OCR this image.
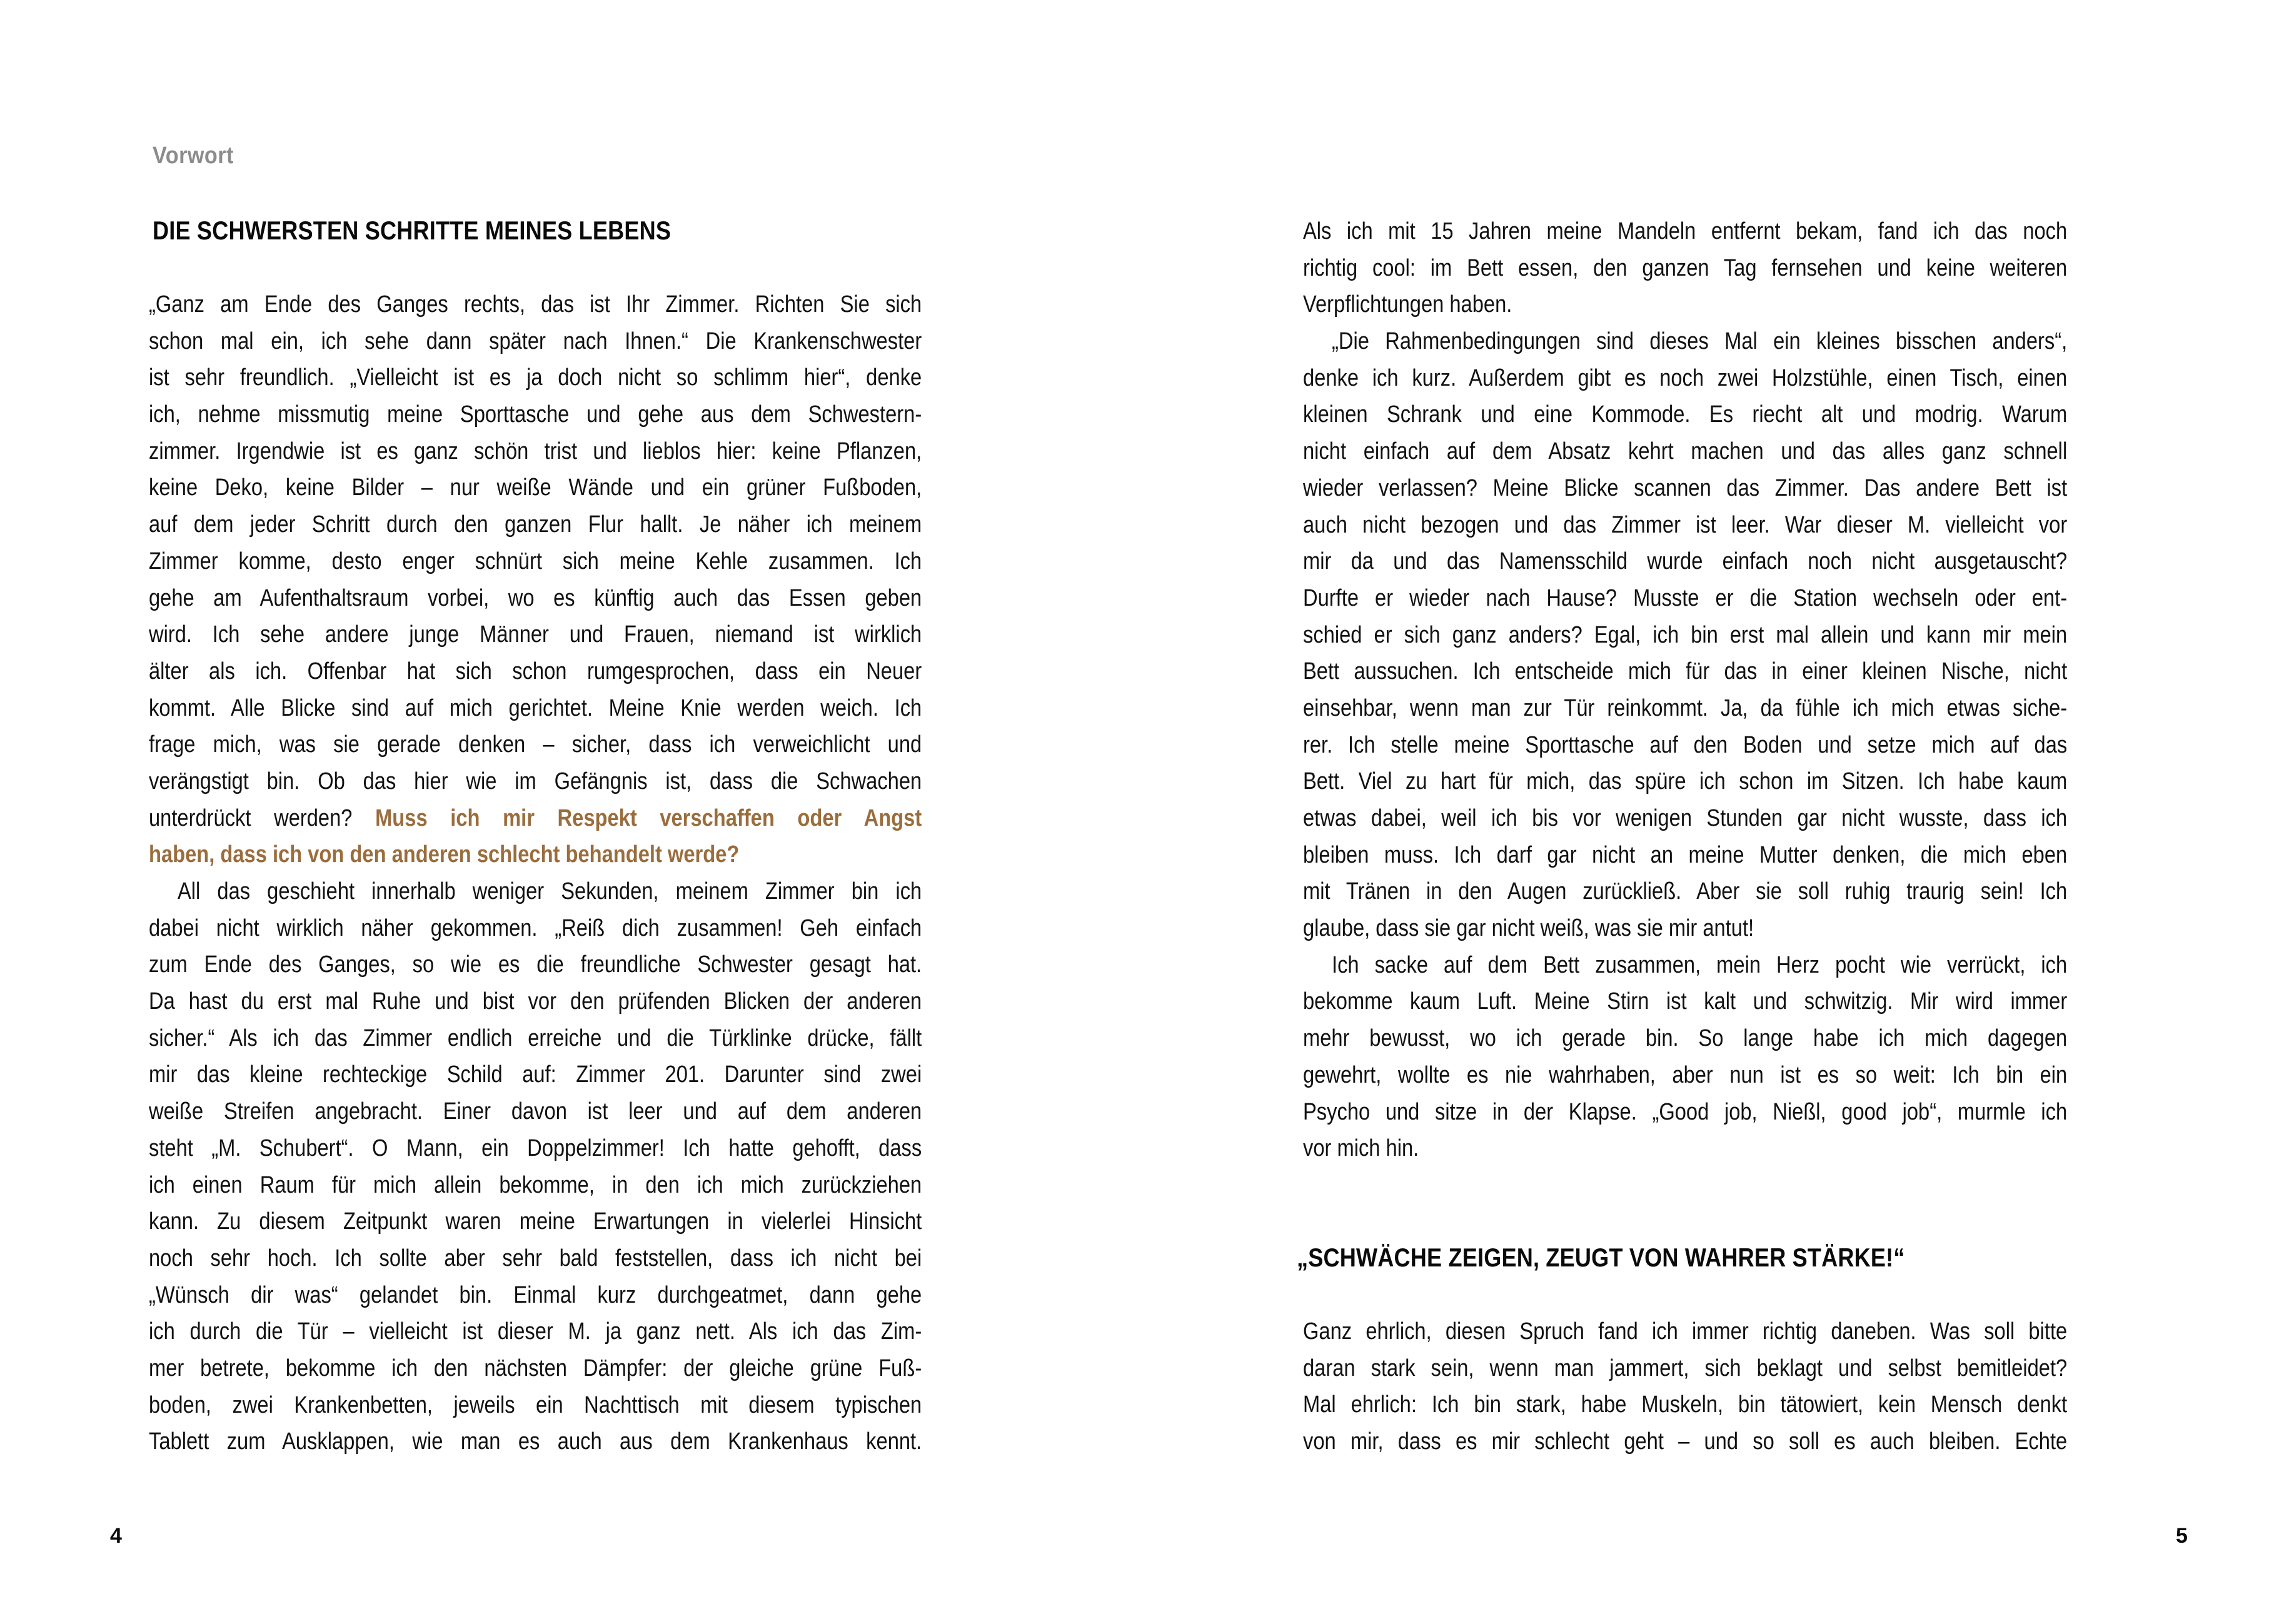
Vorwort
DIE SCHWERSTEN SCHRITTE MEINES LEBENS
„Ganz am Ende des Ganges rechts, das ist Ihr Zimmer. Richten Sie sich
schon mal ein, ich sehe dann später nach Ihnen.“ Die Krankenschwester
ist sehr freundlich. „Vielleicht ist es ja doch nicht so schlimm hier“, denke
ich, nehme missmutig meine Sporttasche und gehe aus dem Schwestern-
zimmer. Irgendwie ist es ganz schön trist und lieblos hier: keine Pflanzen,
keine Deko, keine Bilder – nur weiße Wände und ein grüner Fußboden,
auf dem jeder Schritt durch den ganzen Flur hallt. Je näher ich meinem
Zimmer komme, desto enger schnürt sich meine Kehle zusammen. Ich
gehe am Aufenthaltsraum vorbei, wo es künftig auch das Essen geben
wird. Ich sehe andere junge Männer und Frauen, niemand ist wirklich
älter als ich. Offenbar hat sich schon rumgesprochen, dass ein Neuer
kommt. Alle Blicke sind auf mich gerichtet. Meine Knie werden weich. Ich
frage mich, was sie gerade denken – sicher, dass ich verweichlicht und
verängstigt bin. Ob das hier wie im Gefängnis ist, dass die Schwachen
unterdrückt werden? Muss ich mir Respekt verschaffen oder Angst
haben, dass ich von den anderen schlecht behandelt werde?
All das geschieht innerhalb weniger Sekunden, meinem Zimmer bin ich
dabei nicht wirklich näher gekommen. „Reiß dich zusammen! Geh einfach
zum Ende des Ganges, so wie es die freundliche Schwester gesagt hat.
Da hast du erst mal Ruhe und bist vor den prüfenden Blicken der anderen
sicher.“ Als ich das Zimmer endlich erreiche und die Türklinke drücke, fällt
mir das kleine rechteckige Schild auf: Zimmer 201. Darunter sind zwei
weiße Streifen angebracht. Einer davon ist leer und auf dem anderen
steht „M. Schubert“. O Mann, ein Doppelzimmer! Ich hatte gehofft, dass
ich einen Raum für mich allein bekomme, in den ich mich zurückziehen
kann. Zu diesem Zeitpunkt waren meine Erwartungen in vielerlei Hinsicht
noch sehr hoch. Ich sollte aber sehr bald feststellen, dass ich nicht bei
„Wünsch dir was“ gelandet bin. Einmal kurz durchgeatmet, dann gehe
ich durch die Tür – vielleicht ist dieser M. ja ganz nett. Als ich das Zim-
mer betrete, bekomme ich den nächsten Dämpfer: der gleiche grüne Fuß-
boden, zwei Krankenbetten, jeweils ein Nachttisch mit diesem typischen
Tablett zum Ausklappen, wie man es auch aus dem Krankenhaus kennt.
4
Als ich mit 15 Jahren meine Mandeln entfernt bekam, fand ich das noch
richtig cool: im Bett essen, den ganzen Tag fernsehen und keine weiteren
Verpflichtungen haben.
„Die Rahmenbedingungen sind dieses Mal ein kleines bisschen anders“,
denke ich kurz. Außerdem gibt es noch zwei Holzstühle, einen Tisch, einen
kleinen Schrank und eine Kommode. Es riecht alt und modrig. Warum
nicht einfach auf dem Absatz kehrt machen und das alles ganz schnell
wieder verlassen? Meine Blicke scannen das Zimmer. Das andere Bett ist
auch nicht bezogen und das Zimmer ist leer. War dieser M. vielleicht vor
mir da und das Namensschild wurde einfach noch nicht ausgetauscht?
Durfte er wieder nach Hause? Musste er die Station wechseln oder ent-
schied er sich ganz anders? Egal, ich bin erst mal allein und kann mir mein
Bett aussuchen. Ich entscheide mich für das in einer kleinen Nische, nicht
einsehbar, wenn man zur Tür reinkommt. Ja, da fühle ich mich etwas siche-
rer. Ich stelle meine Sporttasche auf den Boden und setze mich auf das
Bett. Viel zu hart für mich, das spüre ich schon im Sitzen. Ich habe kaum
etwas dabei, weil ich bis vor wenigen Stunden gar nicht wusste, dass ich
bleiben muss. Ich darf gar nicht an meine Mutter denken, die mich eben
mit Tränen in den Augen zurückließ. Aber sie soll ruhig traurig sein! Ich
glaube, dass sie gar nicht weiß, was sie mir antut!
Ich sacke auf dem Bett zusammen, mein Herz pocht wie verrückt, ich
bekomme kaum Luft. Meine Stirn ist kalt und schwitzig. Mir wird immer
mehr bewusst, wo ich gerade bin. So lange habe ich mich dagegen
gewehrt, wollte es nie wahrhaben, aber nun ist es so weit: Ich bin ein
Psycho und sitze in der Klapse. „Good job, Nießl, good job“, murmle ich
vor mich hin.
„SCHWÄCHE ZEIGEN, ZEUGT VON WAHRER STÄRKE!“
Ganz ehrlich, diesen Spruch fand ich immer richtig daneben. Was soll bitte
daran stark sein, wenn man jammert, sich beklagt und selbst bemitleidet?
Mal ehrlich: Ich bin stark, habe Muskeln, bin tätowiert, kein Mensch denkt
von mir, dass es mir schlecht geht – und so soll es auch bleiben. Echte
5
